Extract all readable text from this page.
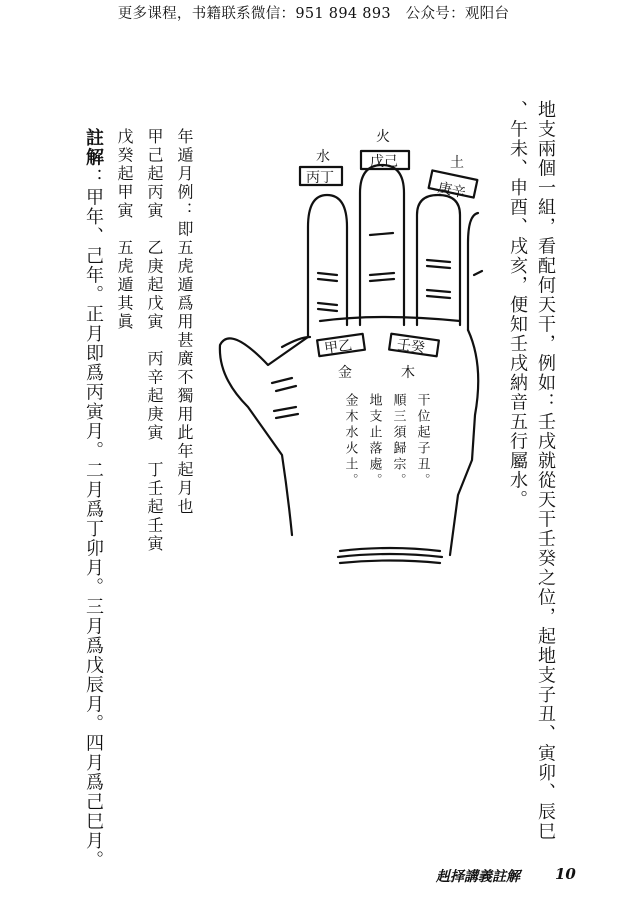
更多课程，书籍联系微信：951 894 893　公众号：观阳台
地支兩個一組，看配何天干，例如：壬戌就從天干壬癸之位，起地支子丑、寅卯、辰巳
、午未、申酉、戌亥，便知壬戌納音五行屬水。
水
火
土
金	木
丙丁
戊己
庚辛
甲乙	壬癸
干位起子丑。
順三須歸宗。
地支止落處。
金木水火土。
年遁月例：即五虎遁爲用甚廣不獨用此年起月也
甲己起丙寅　乙庚起戊寅　丙辛起庚寅　丁壬起壬寅
戊癸起甲寅　五虎遁其眞
註解
：甲年、己年。正月即爲丙寅月。二月爲丁卯月。三月爲戊辰月。四月爲己巳月。
赳择講義註解 10
